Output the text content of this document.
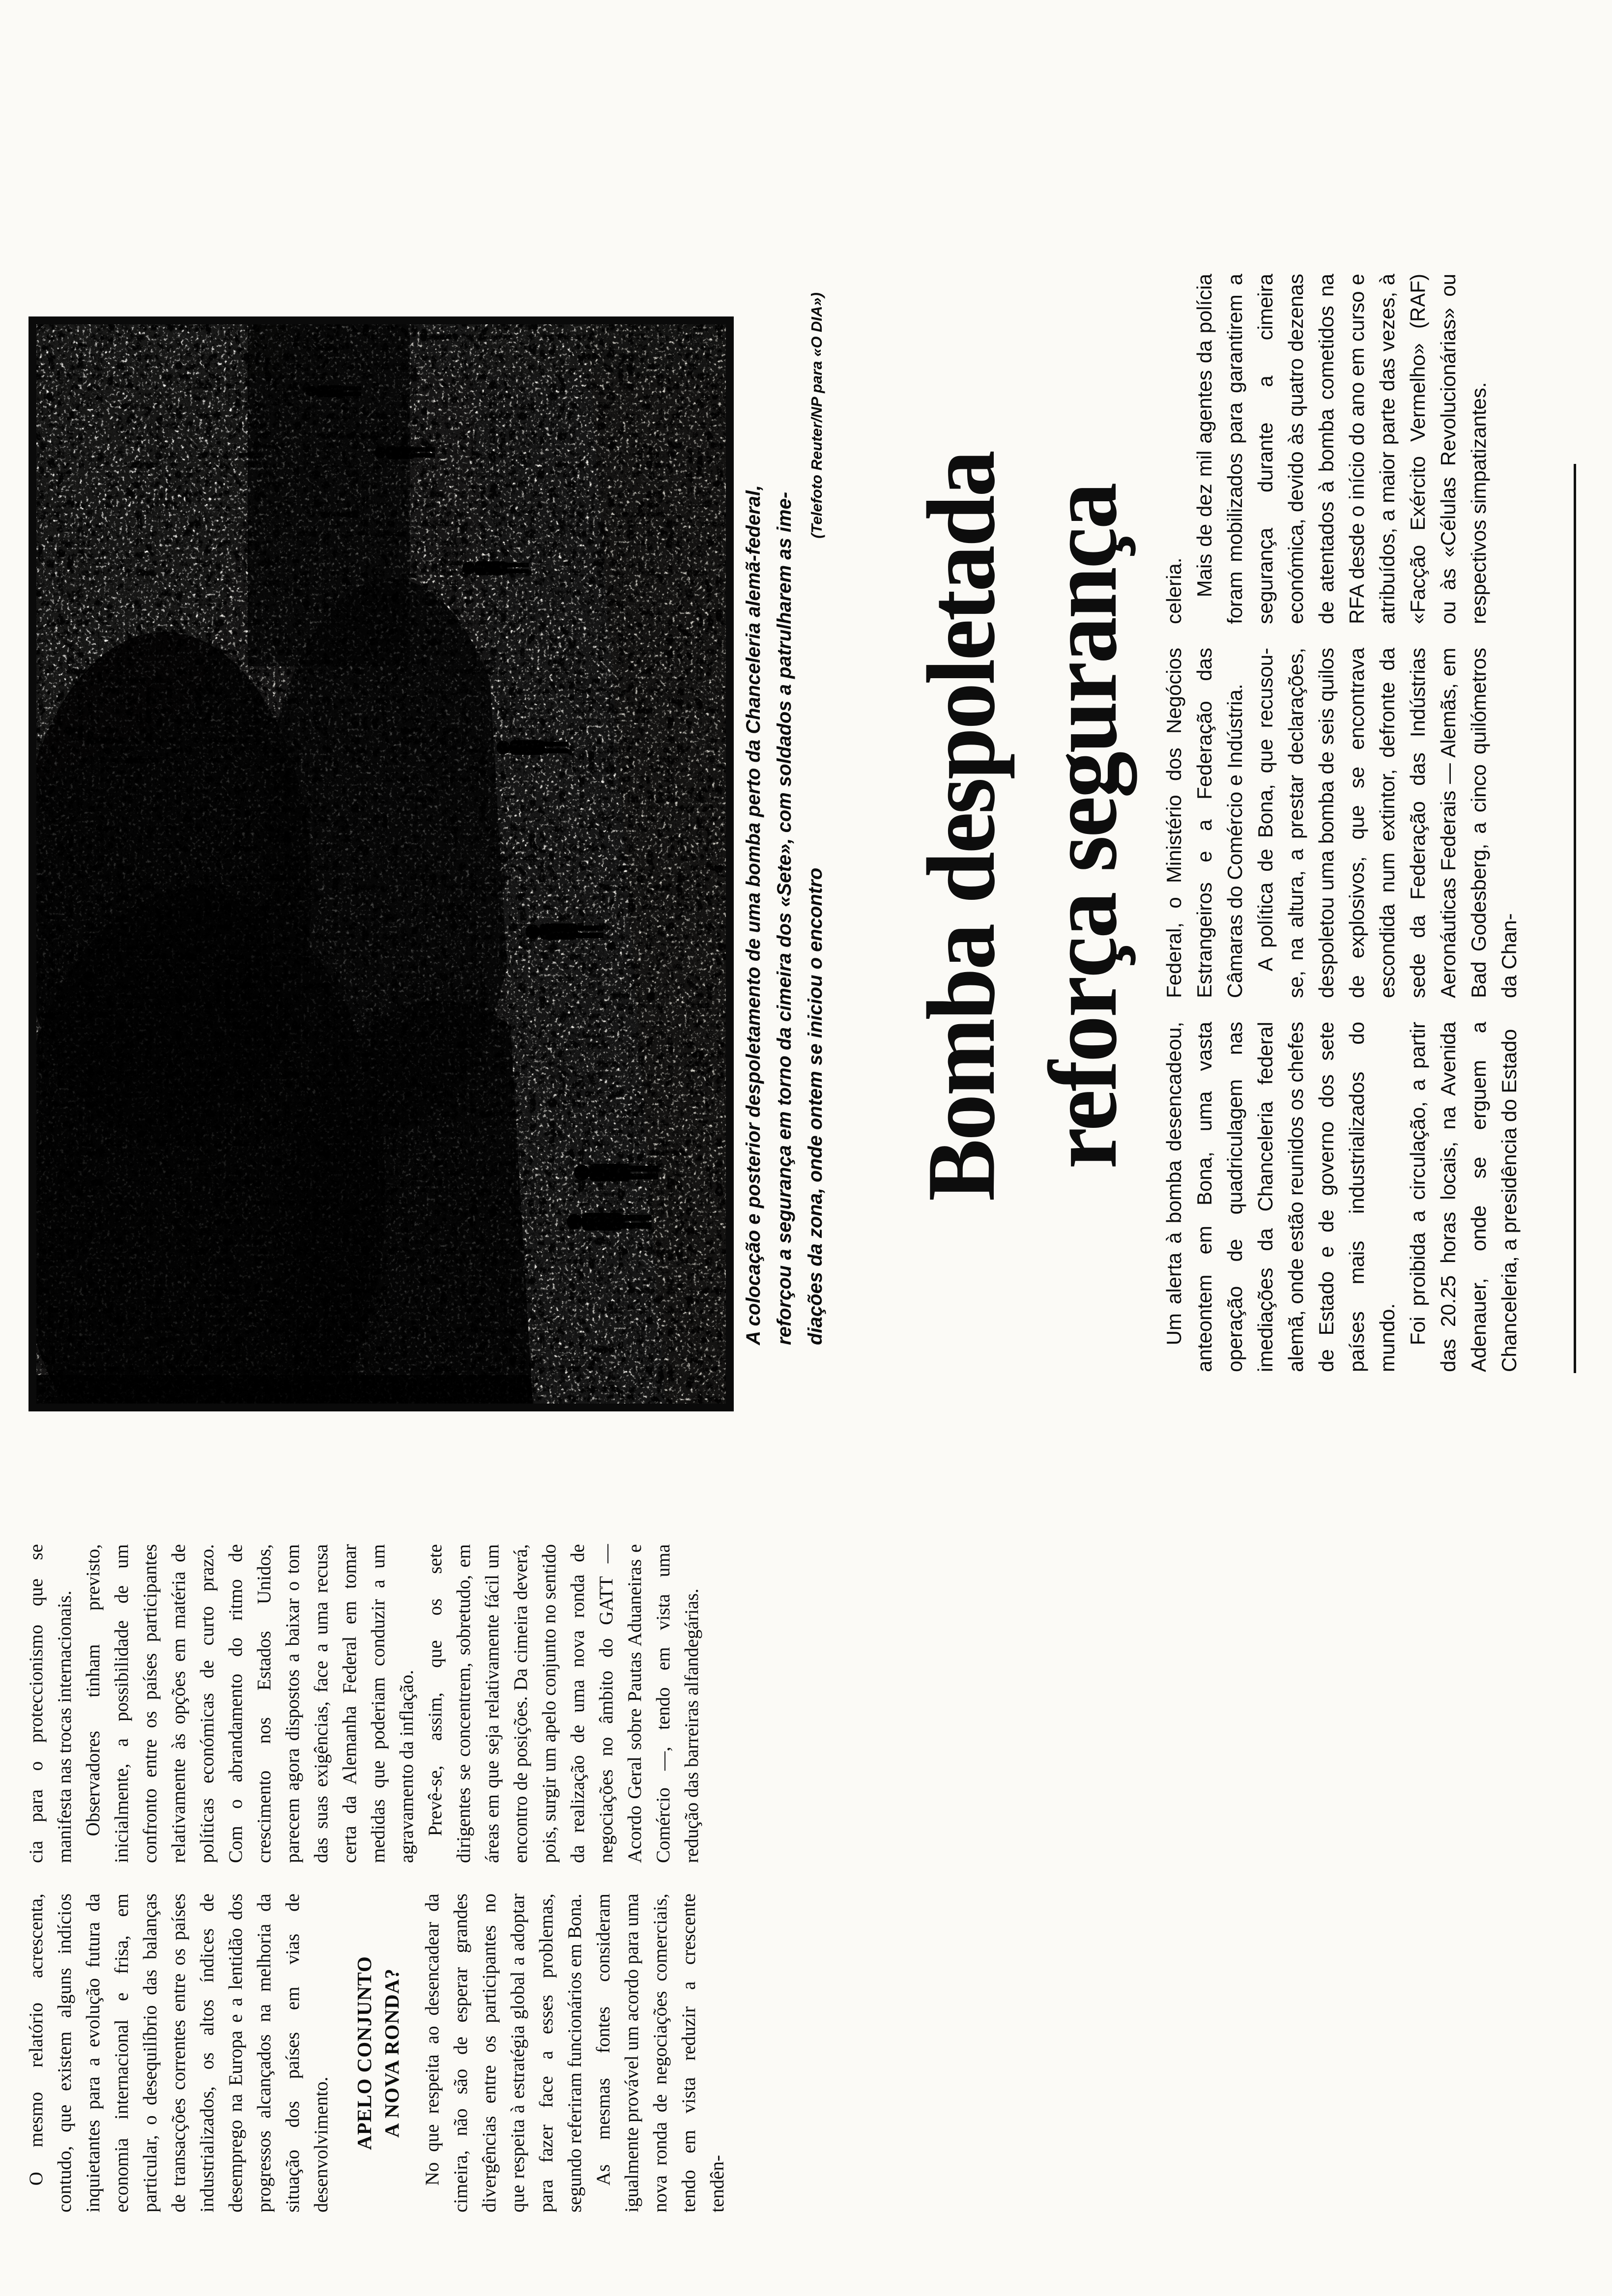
O mesmo relatório acrescenta, contudo, que existem alguns indícios inquietantes para a evolução futura da economia internacional e frisa, em particular, o desequilíbrio das balanças de transacções correntes entre os países industrializados, os altos índices de desemprego na Europa e a lentidão dos progressos alcançados na melhoria da situação dos países em vias de desenvolvimento. APELO CONJUNTO A NOVA RONDA? No que respeita ao desencadear da cimeira, não são de esperar grandes divergências entre os participantes no que respeita à estratégia global a adoptar para fazer face a esses problemas, segundo referiram funcionários em Bona. As mesmas fontes consideram igualmente provável um acordo para uma nova ronda de negociações comerciais, tendo em vista reduzir a crescente tendên-

cia para o proteccionismo que se manifesta nas trocas internacionais. Observadores tinham previsto, inicialmente, a possibilidade de um confronto entre os países participantes relativamente às opções em matéria de políticas económicas de curto prazo. Com o abrandamento do ritmo de crescimento nos Estados Unidos, parecem agora dispostos a baixar o tom das suas exigências, face a uma recusa certa da Alemanha Federal em tomar medidas que poderiam conduzir a um agravamento da inflação. Prevê-se, assim, que os sete dirigentes se concentrem, sobretudo, em áreas em que seja relativamente fácil um encontro de posições. Da cimeira deverá, pois, surgir um apelo conjunto no sentido da realização de uma nova ronda de negociações no âmbito do GATT — Acordo Geral sobre Pautas Aduaneiras e Comércio —, tendo em vista uma redução das barreiras alfandegárias.

A colocação e posterior despoletamento de uma bomba perto da Chanceleria alemã-federal, reforçou a segurança em torno da cimeira dos «Sete», com soldados a patrulharem as ime- diações da zona, onde ontem se iniciou o encontro
(Telefoto Reuter/NP para «O DIA»)
Bomba despoletada reforça segurança

Um alerta à bomba desencadeou, anteontem em Bona, uma vasta operação de quadriculagem nas imediações da Chanceleria federal alemã, onde estão reunidos os chefes de Estado e de governo dos sete países mais industrializados do mundo. Foi proibida a circulação, a partir das 20.25 horas locais, na Avenida Adenauer, onde se erguem a Chanceleria, a presidência do Estado

Federal, o Ministério dos Negócios Estrangeiros e a Federação das Câmaras do Comércio e Indústria. A política de Bona, que recusou-se, na altura, a prestar declarações, despoletou uma bomba de seis quilos de explosivos, que se encontrava escondida num extintor, defronte da sede da Federação das Indústrias Aeronáuticas Federais — Alemãs, em Bad Godesberg, a cinco quilómetros da Chan-

celeria. Mais de dez mil agentes da polícia foram mobilizados para garantirem a segurança durante a cimeira económica, devido às quatro dezenas de atentados à bomba cometidos na RFA desde o início do ano em curso e atribuídos, a maior parte das vezes, à «Facção Exército Vermelho» (RAF) ou às «Células Revolucionárias» ou respectivos simpatizantes.
